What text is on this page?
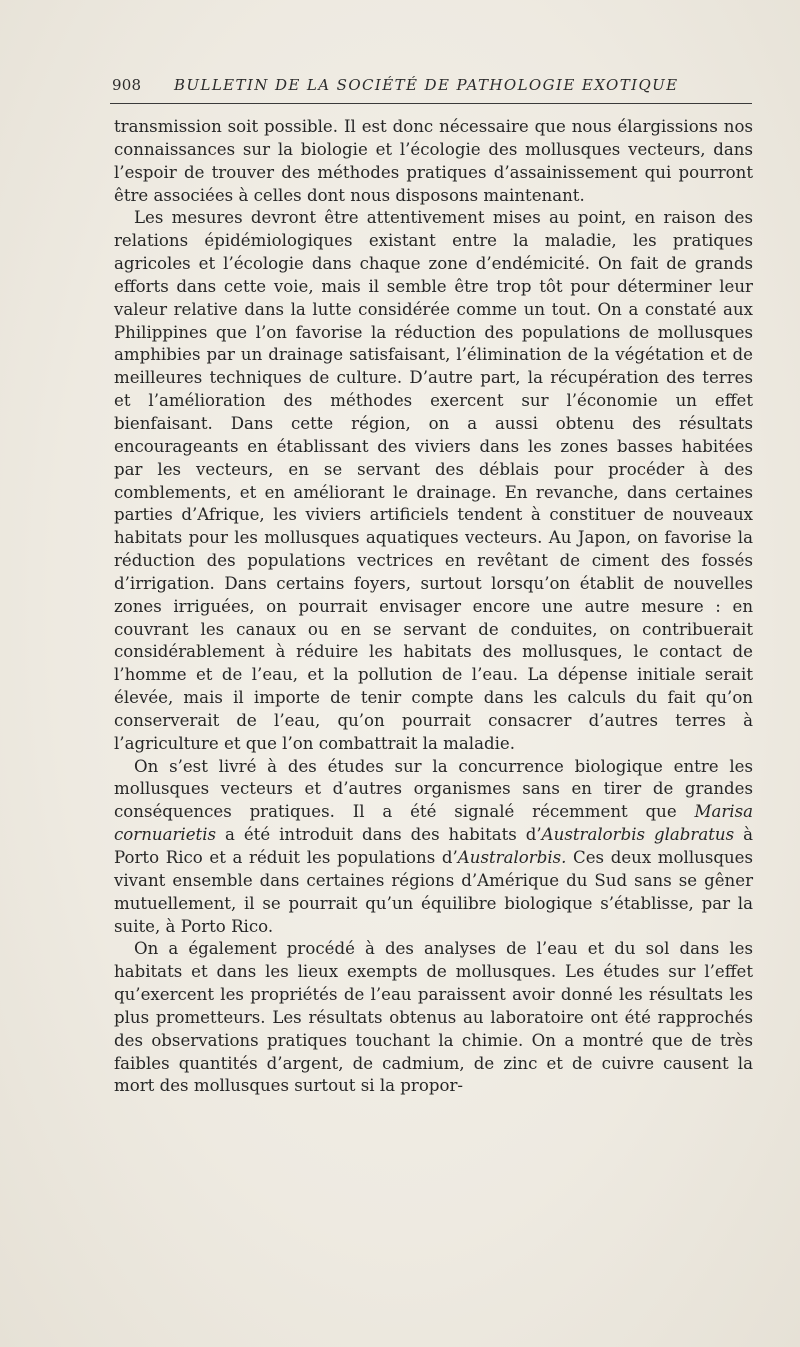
908 BULLETIN DE LA SOCIÉTÉ DE PATHOLOGIE EXOTIQUE

transmission soit possible. Il est donc nécessaire que nous élargissions nos connaissances sur la biologie et l’écologie des mollusques vecteurs, dans l’espoir de trouver des méthodes pratiques d’assainissement qui pourront être associées à celles dont nous disposons maintenant.

Les mesures devront être attentivement mises au point, en raison des relations épidémiologiques existant entre la maladie, les pratiques agricoles et l’écologie dans chaque zone d’endémicité. On fait de grands efforts dans cette voie, mais il semble être trop tôt pour déterminer leur valeur relative dans la lutte considérée comme un tout. On a constaté aux Philippines que l’on favorise la réduction des populations de mollusques amphibies par un drainage satisfaisant, l’élimination de la végétation et de meilleures techniques de culture. D’autre part, la récupération des terres et l’amélioration des méthodes exercent sur l’économie un effet bienfaisant. Dans cette région, on a aussi obtenu des résultats encourageants en établissant des viviers dans les zones basses habitées par les vecteurs, en se servant des déblais pour procéder à des comblements, et en améliorant le drainage. En revanche, dans certaines parties d’Afrique, les viviers artificiels tendent à constituer de nouveaux habitats pour les mollusques aquatiques vecteurs. Au Japon, on favorise la réduction des populations vectrices en revêtant de ciment des fossés d’irrigation. Dans certains foyers, surtout lorsqu’on établit de nouvelles zones irriguées, on pourrait envisager encore une autre mesure : en couvrant les canaux ou en se servant de conduites, on contribuerait considérablement à réduire les habitats des mollusques, le contact de l’homme et de l’eau, et la pollution de l’eau. La dépense initiale serait élevée, mais il importe de tenir compte dans les calculs du fait qu’on conserverait de l’eau, qu’on pourrait consacrer d’autres terres à l’agriculture et que l’on combattrait la maladie.

On s’est livré à des études sur la concurrence biologique entre les mollusques vecteurs et d’autres organismes sans en tirer de grandes conséquences pratiques. Il a été signalé récemment que Marisa cornuarietis a été introduit dans des habitats d’Australorbis glabratus à Porto Rico et a réduit les populations d’Australorbis. Ces deux mollusques vivant ensemble dans certaines régions d’Amérique du Sud sans se gêner mutuellement, il se pourrait qu’un équilibre biologique s’établisse, par la suite, à Porto Rico.

On a également procédé à des analyses de l’eau et du sol dans les habitats et dans les lieux exempts de mollusques. Les études sur l’effet qu’exercent les propriétés de l’eau paraissent avoir donné les résultats les plus prometteurs. Les résultats obtenus au laboratoire ont été rapprochés des observations pratiques touchant la chimie. On a montré que de très faibles quantités d’argent, de cadmium, de zinc et de cuivre causent la mort des mollusques surtout si la propor-
